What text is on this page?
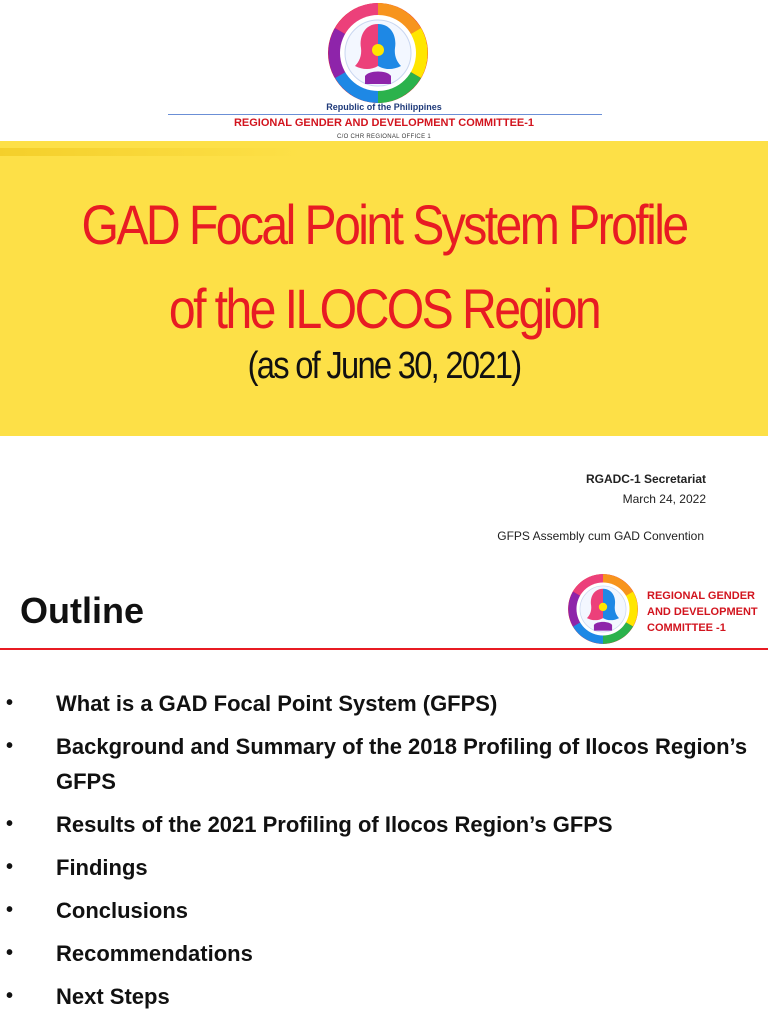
Republic of the Philippines
REGIONAL GENDER AND DEVELOPMENT COMMITTEE-1
C/O CHR REGIONAL OFFICE 1
GAD Focal Point System Profile
of the ILOCOS Region
(as of June 30, 2021)
RGADC-1 Secretariat
March 24, 2022
GFPS Assembly cum GAD Convention
Outline	REGIONAL GENDER
AND DEVELOPMENT
COMMITTEE -1
• What is a GAD Focal Point System (GFPS)
• Background and Summary of the 2018 Profiling of Ilocos Region’s GFPS
• Results of the 2021 Profiling of Ilocos Region’s GFPS
• Findings
• Conclusions
• Recommendations
• Next Steps
